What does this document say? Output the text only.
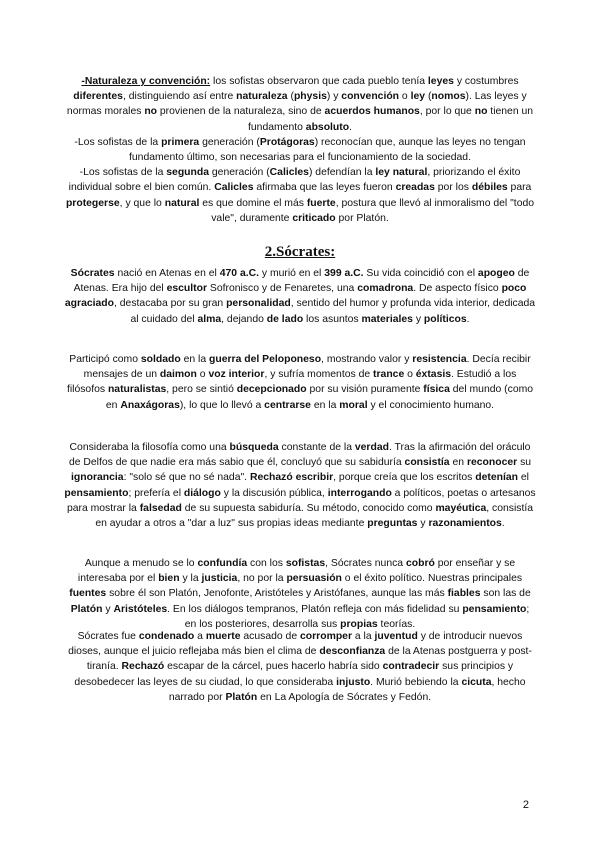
-Naturaleza y convención: los sofistas observaron que cada pueblo tenía leyes y costumbres diferentes, distinguiendo así entre naturaleza (physis) y convención o ley (nomos). Las leyes y normas morales no provienen de la naturaleza, sino de acuerdos humanos, por lo que no tienen un fundamento absoluto.

-Los sofistas de la primera generación (Protágoras) reconocían que, aunque las leyes no tengan fundamento último, son necesarias para el funcionamiento de la sociedad.

-Los sofistas de la segunda generación (Calicles) defendían la ley natural, priorizando el éxito individual sobre el bien común. Calicles afirmaba que las leyes fueron creadas por los débiles para protegerse, y que lo natural es que domine el más fuerte, postura que llevó al inmoralismo del "todo vale", duramente criticado por Platón.

2.Sócrates:

Sócrates nació en Atenas en el 470 a.C. y murió en el 399 a.C. Su vida coincidió con el apogeo de Atenas. Era hijo del escultor Sofronisco y de Fenaretes, una comadrona. De aspecto físico poco agraciado, destacaba por su gran personalidad, sentido del humor y profunda vida interior, dedicada al cuidado del alma, dejando de lado los asuntos materiales y políticos.

Participó como soldado en la guerra del Peloponeso, mostrando valor y resistencia. Decía recibir mensajes de un daimon o voz interior, y sufría momentos de trance o éxtasis. Estudió a los filósofos naturalistas, pero se sintió decepcionado por su visión puramente física del mundo (como en Anaxágoras), lo que lo llevó a centrarse en la moral y el conocimiento humano.

Consideraba la filosofía como una búsqueda constante de la verdad. Tras la afirmación del oráculo de Delfos de que nadie era más sabio que él, concluyó que su sabiduría consistía en reconocer su ignorancia: "solo sé que no sé nada". Rechazó escribir, porque creía que los escritos detenían el pensamiento; prefería el diálogo y la discusión pública, interrogando a políticos, poetas o artesanos para mostrar la falsedad de su supuesta sabiduría. Su método, conocido como mayéutica, consistía en ayudar a otros a "dar a luz" sus propias ideas mediante preguntas y razonamientos.

Aunque a menudo se lo confundía con los sofistas, Sócrates nunca cobró por enseñar y se interesaba por el bien y la justicia, no por la persuasión o el éxito político. Nuestras principales fuentes sobre él son Platón, Jenofonte, Aristóteles y Aristófanes, aunque las más fiables son las de Platón y Aristóteles. En los diálogos tempranos, Platón refleja con más fidelidad su pensamiento; en los posteriores, desarrolla sus propias teorías.

Sócrates fue condenado a muerte acusado de corromper a la juventud y de introducir nuevos dioses, aunque el juicio reflejaba más bien el clima de desconfianza de la Atenas postguerra y post-tiranía. Rechazó escapar de la cárcel, pues hacerlo habría sido contradecir sus principios y desobedecer las leyes de su ciudad, lo que consideraba injusto. Murió bebiendo la cicuta, hecho narrado por Platón en La Apología de Sócrates y Fedón.

2
